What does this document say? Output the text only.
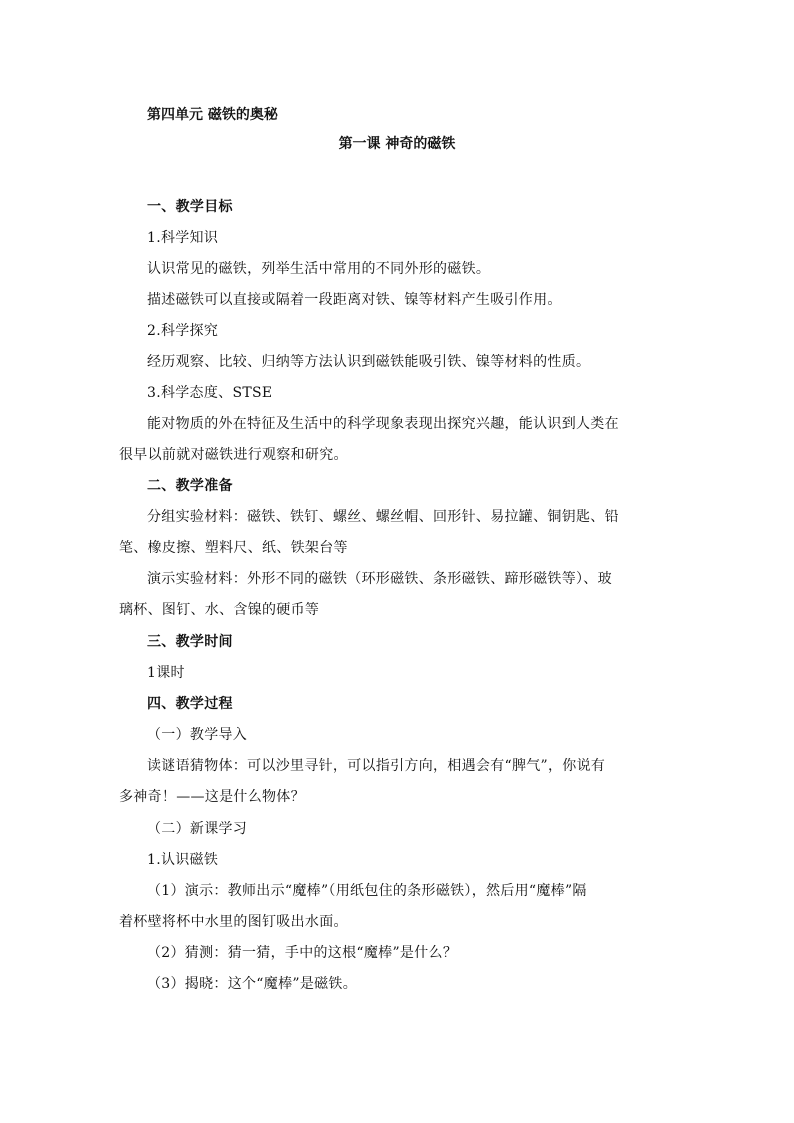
第四单元 磁铁的奥秘
第一课 神奇的磁铁
一、教学目标
1.科学知识
认识常见的磁铁，列举生活中常用的不同外形的磁铁。
描述磁铁可以直接或隔着一段距离对铁、镍等材料产生吸引作用。
2.科学探究
经历观察、比较、归纳等方法认识到磁铁能吸引铁、镍等材料的性质。
3.科学态度、STSE
能对物质的外在特征及生活中的科学现象表现出探究兴趣，能认识到人类在
很早以前就对磁铁进行观察和研究。
二、教学准备
分组实验材料：磁铁、铁钉、螺丝、螺丝帽、回形针、易拉罐、铜钥匙、铅
笔、橡皮擦、塑料尺、纸、铁架台等
演示实验材料：外形不同的磁铁（环形磁铁、条形磁铁、蹄形磁铁等）、玻
璃杯、图钉、水、含镍的硬币等
三、教学时间
1课时
四、教学过程
（一）教学导入
读谜语猜物体：可以沙里寻针，可以指引方向，相遇会有“脾气”，你说有
多神奇！——这是什么物体？
（二）新课学习
1.认识磁铁
（1）演示：教师出示“魔棒”（用纸包住的条形磁铁），然后用“魔棒”隔
着杯壁将杯中水里的图钉吸出水面。
（2）猜测：猜一猜，手中的这根“魔棒”是什么？
（3）揭晓：这个“魔棒”是磁铁。
